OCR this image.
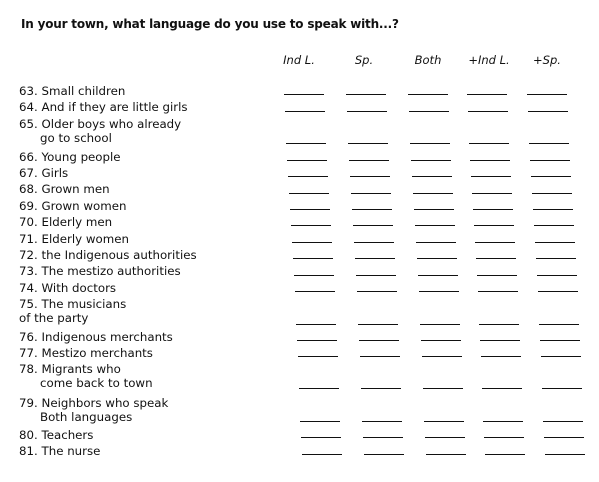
In your town, what language do you use to speak with...?
Ind L.	Sp.	Both +Ind L. +Sp.
63. Small children
64. And if they are little girls
65. Older boys who already
go to school
66. Young people
67. Girls
68. Grown men
69. Grown women
70. Elderly men
71. Elderly women
72. the Indigenous authorities
73. The mestizo authorities
74. With doctors
75. The musicians
of the party
76. Indigenous merchants
77. Mestizo merchants
78. Migrants who
come back to town
79. Neighbors who speak
Both languages
80. Teachers
81. The nurse
